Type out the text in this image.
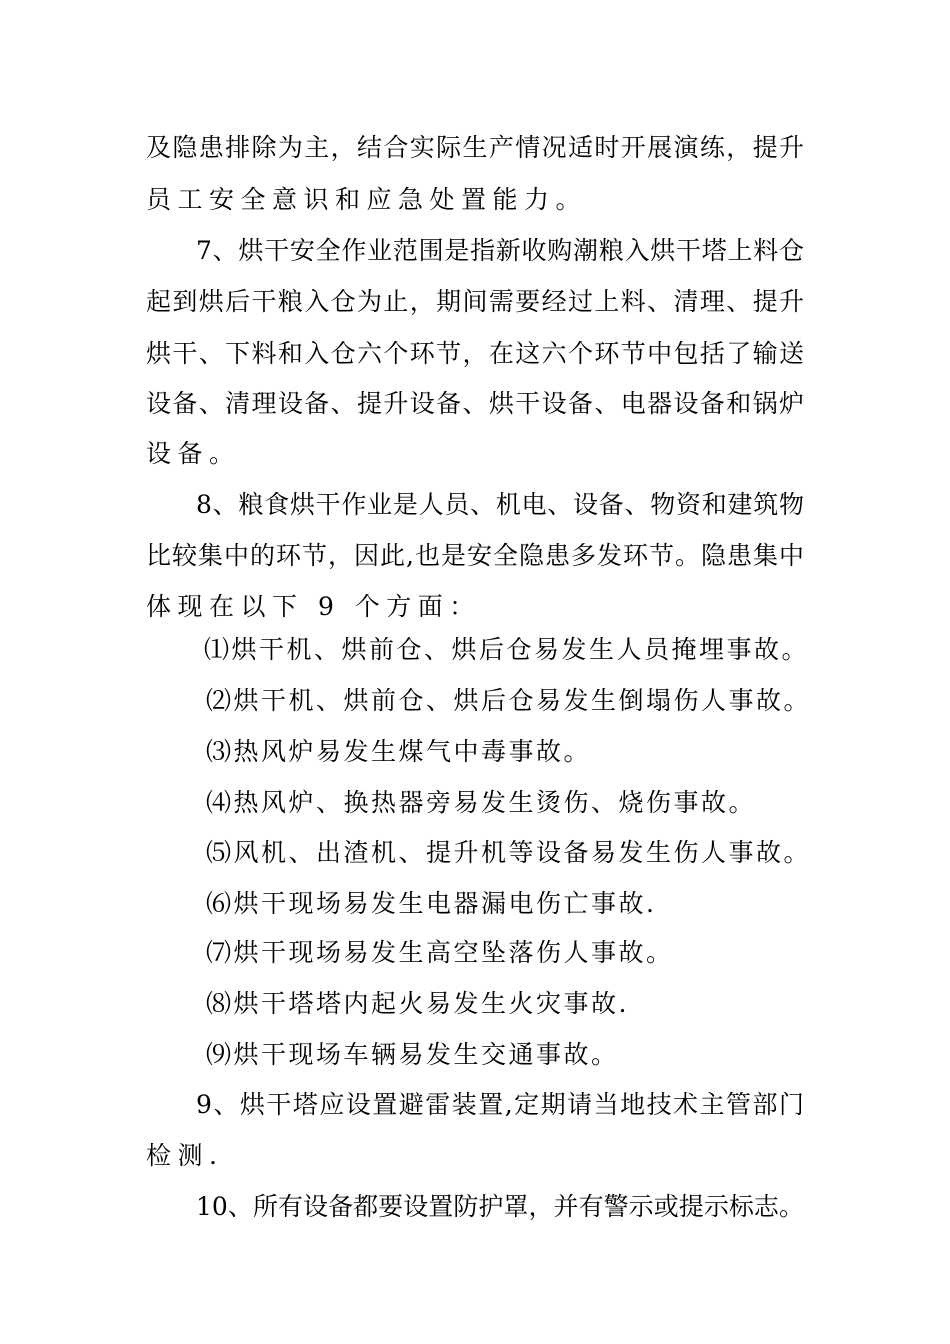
及隐患排除为主，结合实际生产情况适时开展演练，提升
员工安全意识和应急处置能力。
7、烘干安全作业范围是指新收购潮粮入烘干塔上料仓
起到烘后干粮入仓为止，期间需要经过上料、清理、提升
烘干、下料和入仓六个环节，在这六个环节中包括了输送
设备、清理设备、提升设备、烘干设备、电器设备和锅炉
设备。
8、粮食烘干作业是人员、机电、设备、物资和建筑物
比较集中的环节，因此,也是安全隐患多发环节。隐患集中
体现在以下 9 个方面：
⑴烘干机、烘前仓、烘后仓易发生人员掩埋事故。
⑵烘干机、烘前仓、烘后仓易发生倒塌伤人事故。
⑶热风炉易发生煤气中毒事故。
⑷热风炉、换热器旁易发生烫伤、烧伤事故。
⑸风机、出渣机、提升机等设备易发生伤人事故。
⑹烘干现场易发生电器漏电伤亡事故.
⑺烘干现场易发生高空坠落伤人事故。
⑻烘干塔塔内起火易发生火灾事故.
⑼烘干现场车辆易发生交通事故。
9、烘干塔应设置避雷装置,定期请当地技术主管部门
检测.
10、所有设备都要设置防护罩，并有警示或提示标志。
